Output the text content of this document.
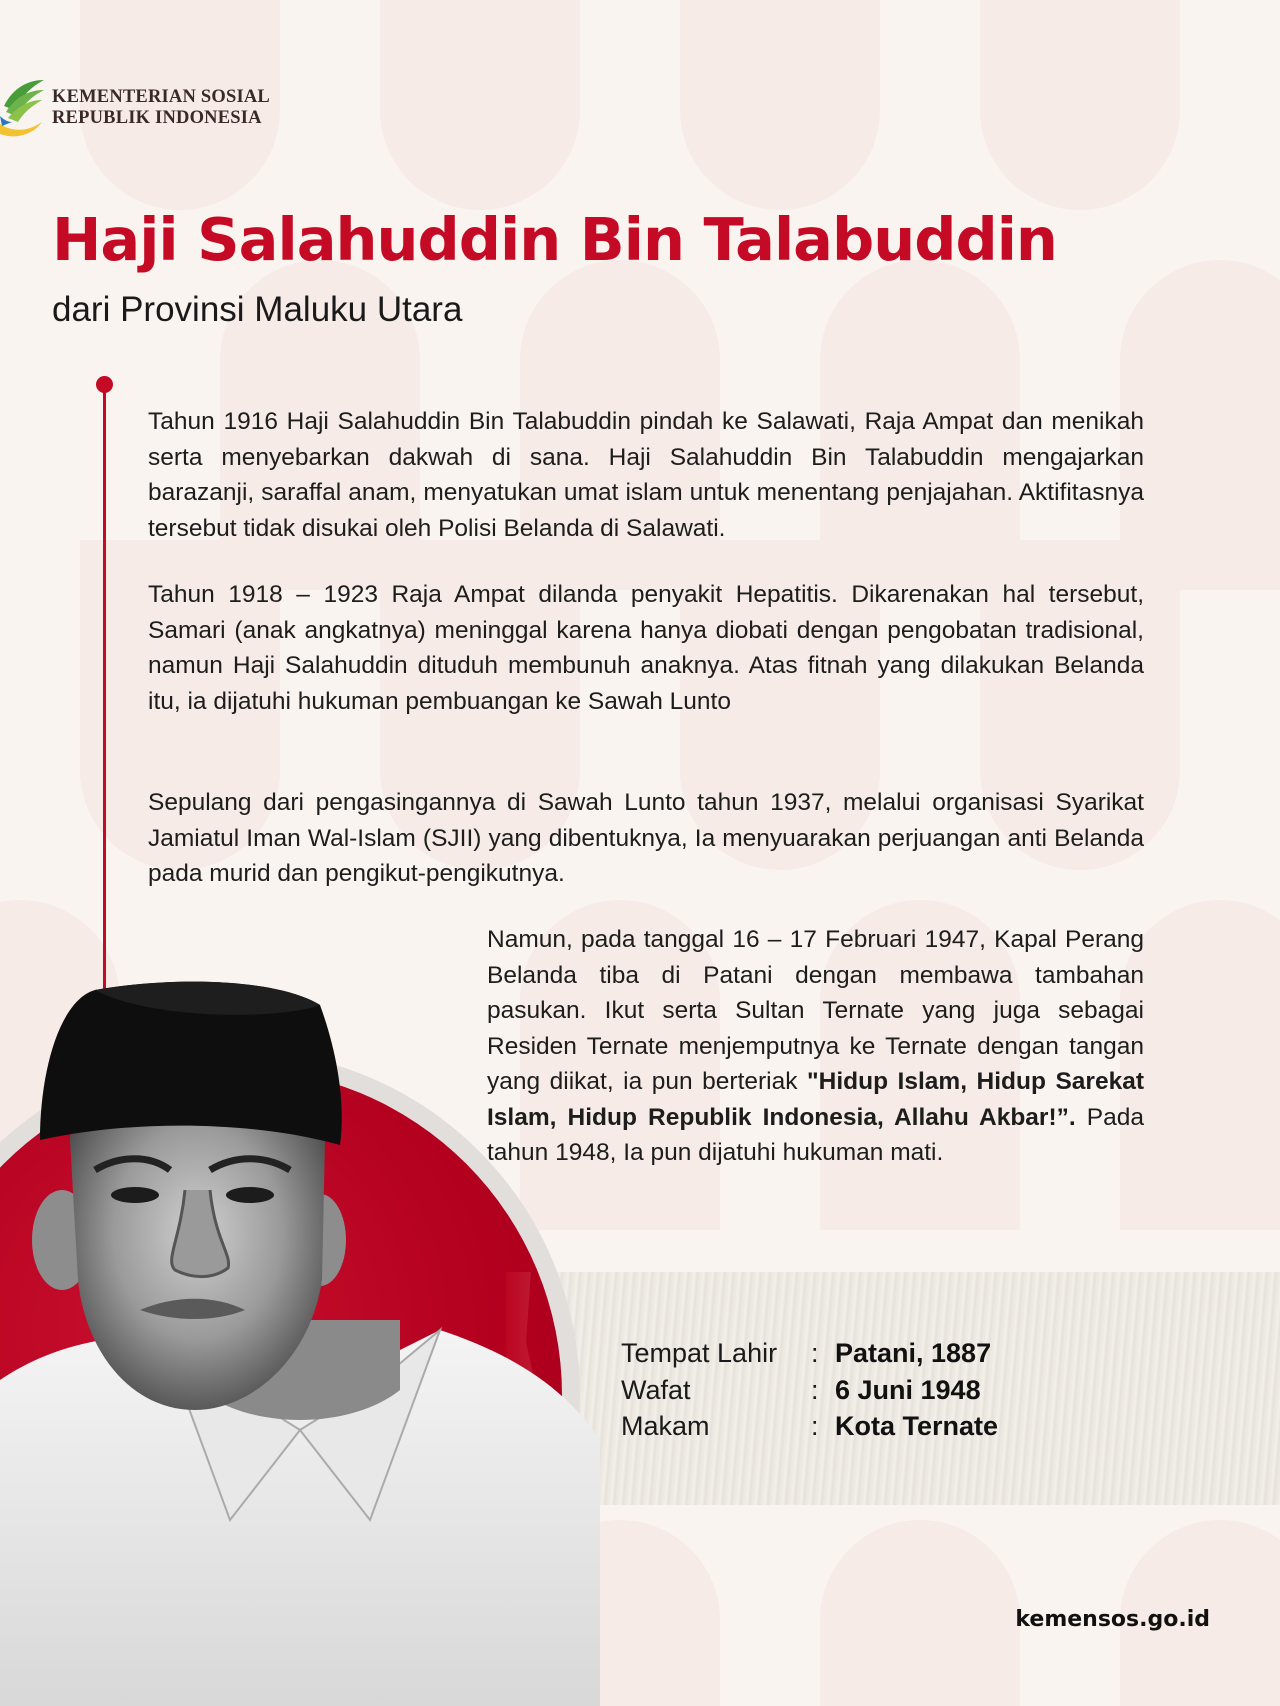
KEMENTERIAN SOSIAL
REPUBLIK INDONESIA
Haji Salahuddin Bin Talabuddin
dari Provinsi Maluku Utara

Tahun 1916 Haji Salahuddin Bin Talabuddin pindah ke Salawati, Raja Ampat dan menikah serta menyebarkan dakwah di sana. Haji Salahuddin Bin Talabuddin mengajarkan barazanji, saraffal anam, menyatukan umat islam untuk menentang penjajahan. Aktifitasnya tersebut tidak disukai oleh Polisi Belanda di Salawati.

Tahun 1918 – 1923 Raja Ampat dilanda penyakit Hepatitis. Dikarenakan hal tersebut, Samari (anak angkatnya) meninggal karena hanya diobati dengan pengobatan tradisional, namun Haji Salahuddin dituduh membunuh anaknya. Atas fitnah yang dilakukan Belanda itu, ia dijatuhi hukuman pembuangan ke Sawah Lunto

Sepulang dari pengasingannya di Sawah Lunto tahun 1937, melalui organisasi Syarikat Jamiatul Iman Wal-Islam (SJII) yang dibentuknya, Ia menyuarakan perjuangan anti Belanda pada murid dan pengikut-pengikutnya.

Namun, pada tanggal 16 – 17 Februari 1947, Kapal Perang Belanda tiba di Patani dengan membawa tambahan pasukan. Ikut serta Sultan Ternate yang juga sebagai Residen Ternate menjemputnya ke Ternate dengan tangan yang diikat, ia pun berteriak "Hidup Islam, Hidup Sarekat Islam, Hidup Republik Indonesia, Allahu Akbar!”. Pada tahun 1948, Ia pun dijatuhi hukuman mati.

Tempat Lahir	: Patani, 1887
Wafat	: 6 Juni 1948
Makam	: Kota Ternate
kemensos.go.id
